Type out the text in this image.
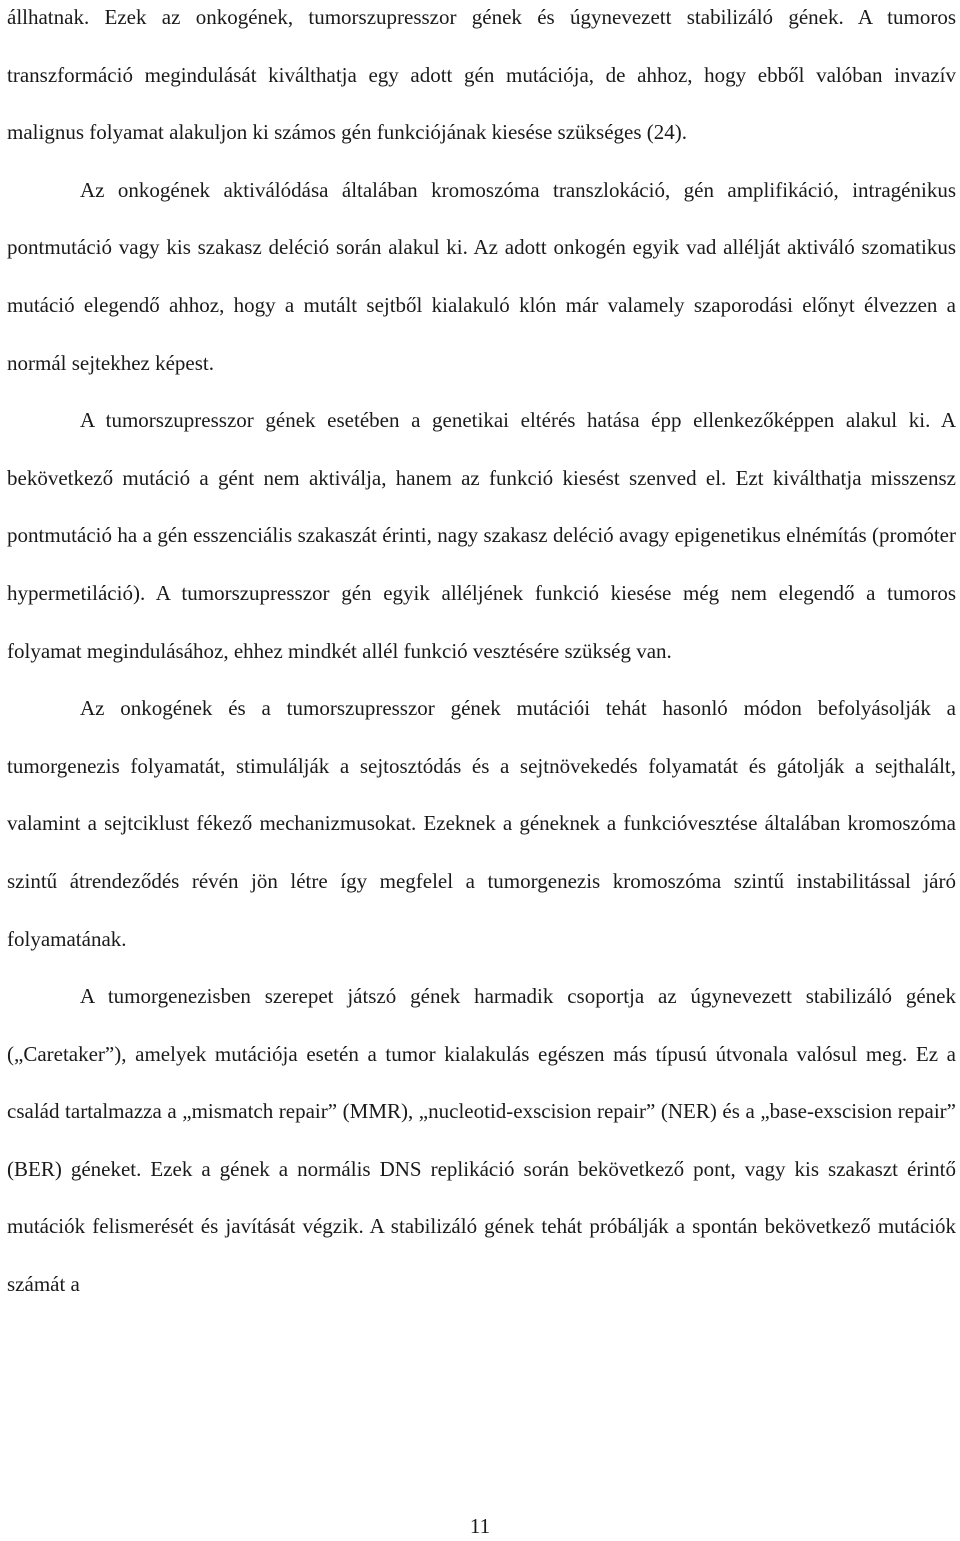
állhatnak. Ezek az onkogének, tumorszupresszor gének és úgynevezett stabilizáló gének. A tumoros transzformáció megindulását kiválthatja egy adott gén mutációja, de ahhoz, hogy ebből valóban invazív malignus folyamat alakuljon ki számos gén funkciójának kiesése szükséges (24).

Az onkogének aktiválódása általában kromoszóma transzlokáció, gén amplifikáció, intragénikus pontmutáció vagy kis szakasz deléció során alakul ki. Az adott onkogén egyik vad allélját aktiváló szomatikus mutáció elegendő ahhoz, hogy a mutált sejtből kialakuló klón már valamely szaporodási előnyt élvezzen a normál sejtekhez képest.

A tumorszupresszor gének esetében a genetikai eltérés hatása épp ellenkezőképpen alakul ki. A bekövetkező mutáció a gént nem aktiválja, hanem az funkció kiesést szenved el. Ezt kiválthatja misszensz pontmutáció ha a gén esszenciális szakaszát érinti, nagy szakasz deléció avagy epigenetikus elnémítás (promóter hypermetiláció). A tumorszupresszor gén egyik alléljének funkció kiesése még nem elegendő a tumoros folyamat megindulásához, ehhez mindkét allél funkció vesztésére szükség van.

Az onkogének és a tumorszupresszor gének mutációi tehát hasonló módon befolyásolják a tumorgenezis folyamatát, stimulálják a sejtosztódás és a sejtnövekedés folyamatát és gátolják a sejthalált, valamint a sejtciklust fékező mechanizmusokat. Ezeknek a géneknek a funkcióvesztése általában kromoszóma szintű átrendeződés révén jön létre így megfelel a tumorgenezis kromoszóma szintű instabilitással járó folyamatának.

A tumorgenezisben szerepet játszó gének harmadik csoportja az úgynevezett stabilizáló gének („Caretaker”), amelyek mutációja esetén a tumor kialakulás egészen más típusú útvonala valósul meg. Ez a család tartalmazza a „mismatch repair” (MMR), „nucleotid-exscision repair” (NER) és a „base-exscision repair” (BER) géneket. Ezek a gének a normális DNS replikáció során bekövetkező pont, vagy kis szakaszt érintő mutációk felismerését és javítását végzik. A stabilizáló gének tehát próbálják a spontán bekövetkező mutációk számát a

11
